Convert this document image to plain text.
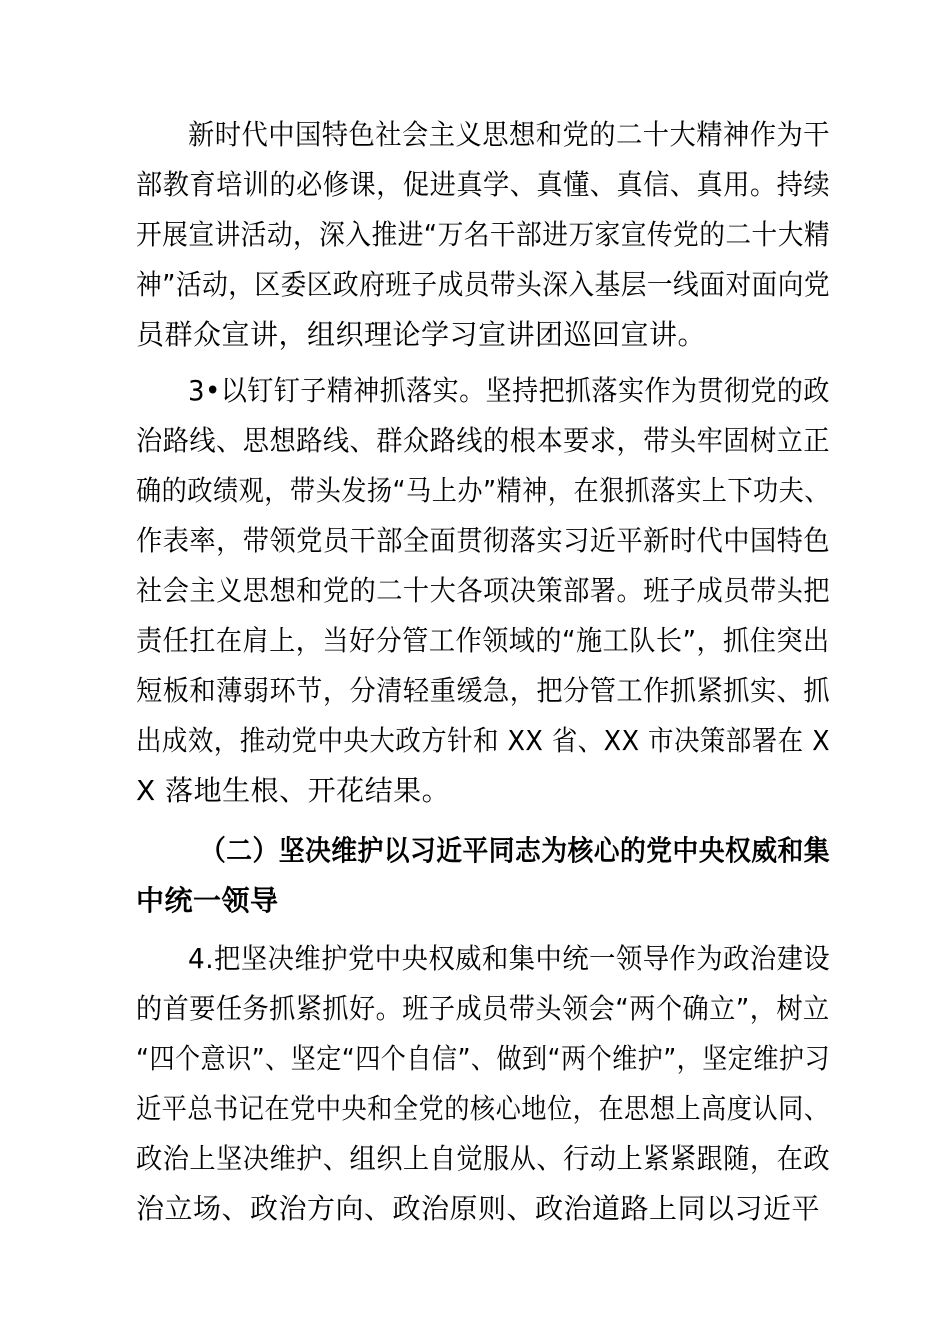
新时代中国特色社会主义思想和党的二十大精神作为干
部教育培训的必修课，促进真学、真懂、真信、真用。持续
开展宣讲活动，深入推进“万名干部进万家宣传党的二十大精
神”活动，区委区政府班子成员带头深入基层一线面对面向党
员群众宣讲，组织理论学习宣讲团巡回宣讲。
3•以钉钉子精神抓落实。坚持把抓落实作为贯彻党的政
治路线、思想路线、群众路线的根本要求，带头牢固树立正
确的政绩观，带头发扬“马上办”精神，在狠抓落实上下功夫、
作表率，带领党员干部全面贯彻落实习近平新时代中国特色
社会主义思想和党的二十大各项决策部署。班子成员带头把
责任扛在肩上，当好分管工作领域的“施工队长”，抓住突出
短板和薄弱环节，分清轻重缓急，把分管工作抓紧抓实、抓
出成效，推动党中央大政方针和 XX 省、XX 市决策部署在 X
X 落地生根、开花结果。
（二）坚决维护以习近平同志为核心的党中央权威和集
中统一领导
4.把坚决维护党中央权威和集中统一领导作为政治建设
的首要任务抓紧抓好。班子成员带头领会“两个确立”，树立
“四个意识”、坚定“四个自信”、做到“两个维护”，坚定维护习
近平总书记在党中央和全党的核心地位，在思想上高度认同、
政治上坚决维护、组织上自觉服从、行动上紧紧跟随，在政
治立场、政治方向、政治原则、政治道路上同以习近平
